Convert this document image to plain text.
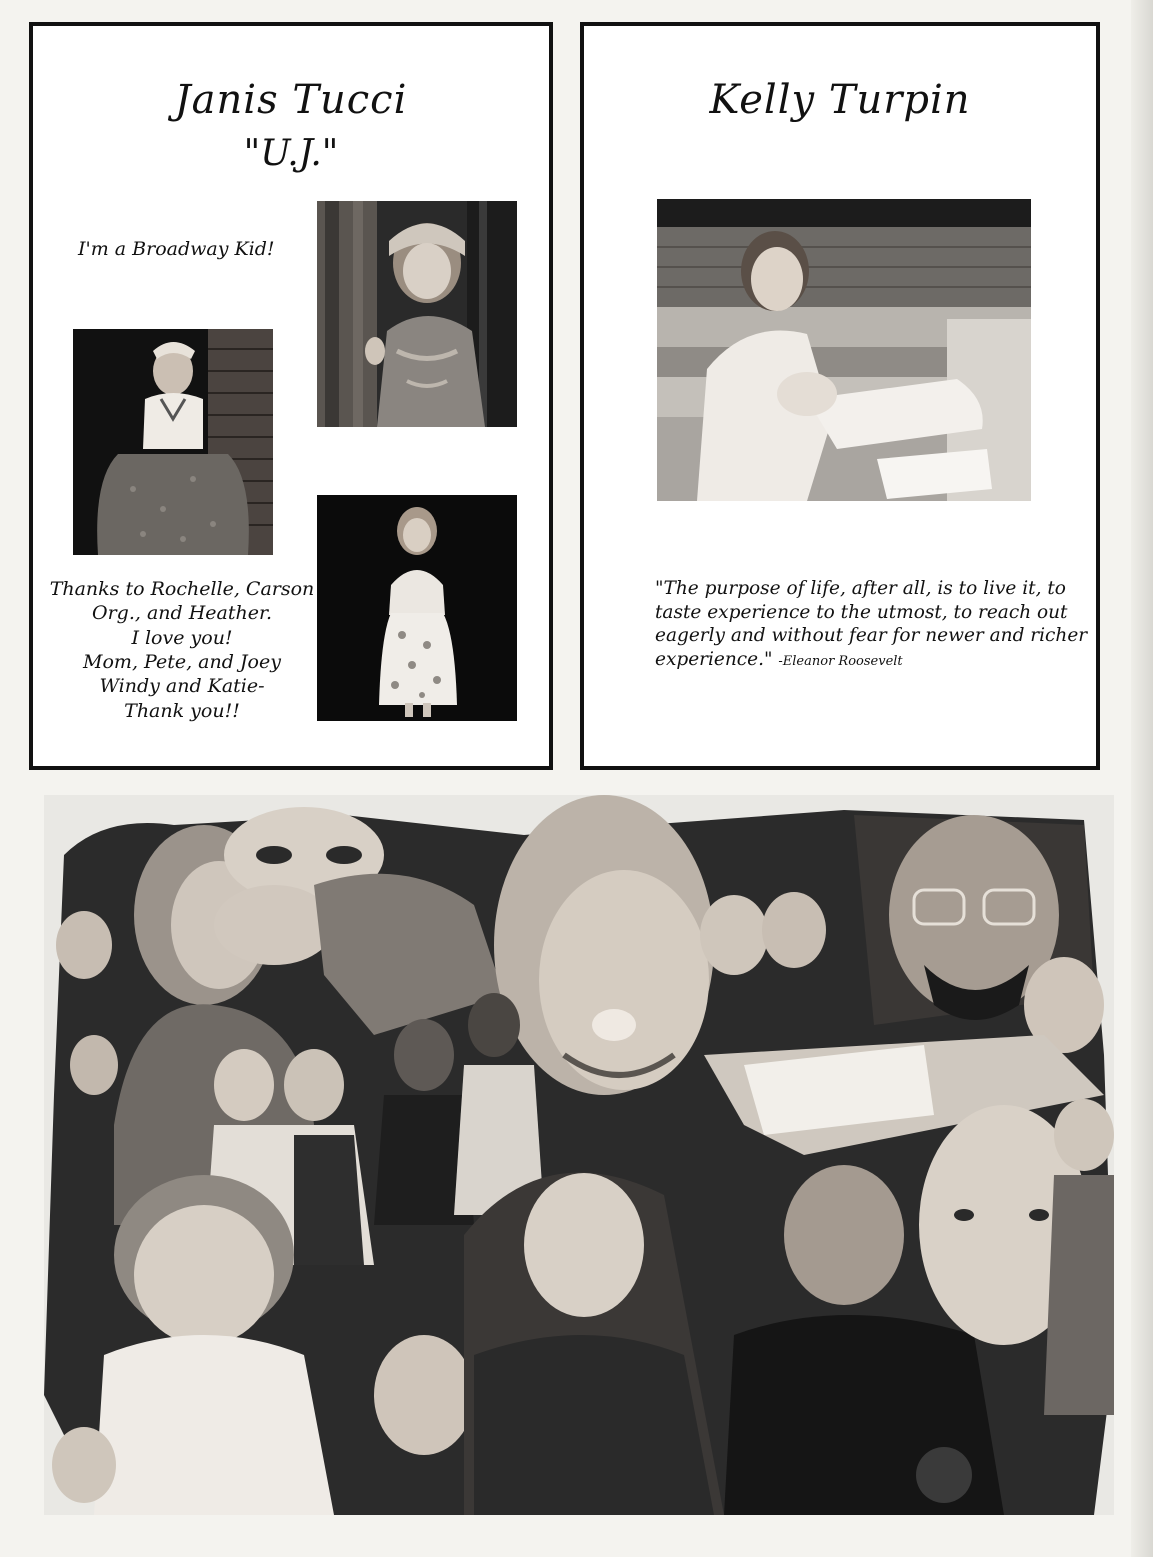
Janis Tucci
"U.J."
I'm a Broadway Kid!
Thanks to Rochelle, Carson
Org., and Heather.
I love you!
Mom, Pete, and Joey
Windy and Katie-
Thank you!!
Kelly Turpin
"The purpose of life, after all, is to live it, to
taste experience to the utmost, to reach out
eagerly and without fear for newer and richer
experience." -Eleanor Roosevelt
